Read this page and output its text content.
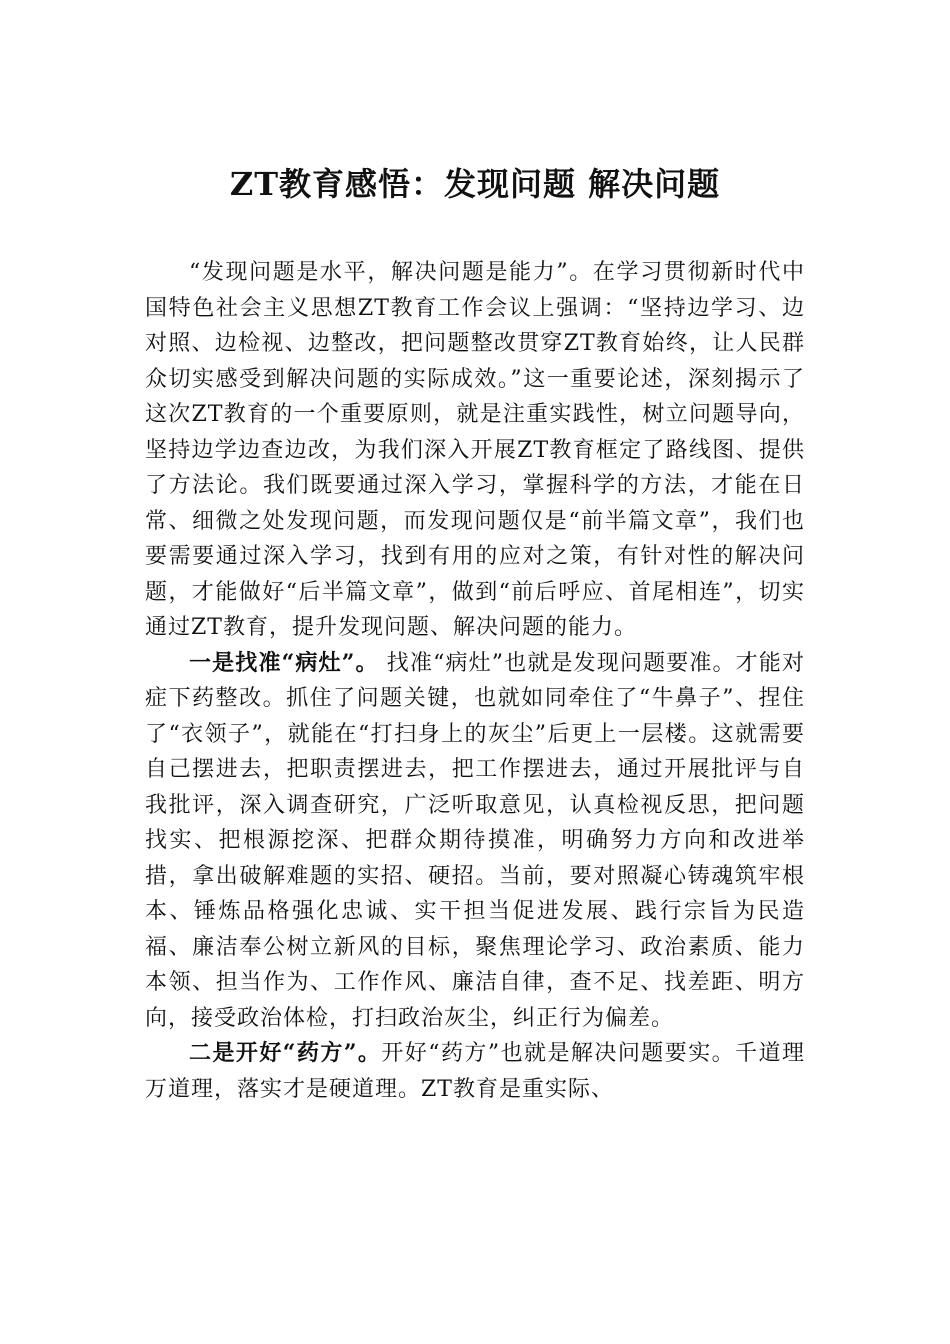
ZT教育感悟：发现问题 解决问题

“发现问题是水平，解决问题是能力”。在学习贯彻新时代中国特色社会主义思想ZT教育工作会议上强调：“坚持边学习、边对照、边检视、边整改，把问题整改贯穿ZT教育始终，让人民群众切实感受到解决问题的实际成效。”这一重要论述，深刻揭示了这次ZT教育的一个重要原则，就是注重实践性，树立问题导向，坚持边学边查边改，为我们深入开展ZT教育框定了路线图、提供了方法论。我们既要通过深入学习，掌握科学的方法，才能在日常、细微之处发现问题，而发现问题仅是“前半篇文章”，我们也要需要通过深入学习，找到有用的应对之策，有针对性的解决问题，才能做好“后半篇文章”，做到“前后呼应、首尾相连”，切实通过ZT教育，提升发现问题、解决问题的能力。

一是找准“病灶”。 找准“病灶”也就是发现问题要准。才能对症下药整改。抓住了问题关键，也就如同牵住了“牛鼻子”、捏住了“衣领子”，就能在“打扫身上的灰尘”后更上一层楼。这就需要自己摆进去，把职责摆进去，把工作摆进去，通过开展批评与自我批评，深入调查研究，广泛听取意见，认真检视反思，把问题找实、把根源挖深、把群众期待摸准，明确努力方向和改进举措，拿出破解难题的实招、硬招。当前，要对照凝心铸魂筑牢根本、锤炼品格强化忠诚、实干担当促进发展、践行宗旨为民造福、廉洁奉公树立新风的目标，聚焦理论学习、政治素质、能力本领、担当作为、工作作风、廉洁自律，查不足、找差距、明方向，接受政治体检，打扫政治灰尘，纠正行为偏差。

二是开好“药方”。开好“药方”也就是解决问题要实。千道理万道理，落实才是硬道理。ZT教育是重实际、
